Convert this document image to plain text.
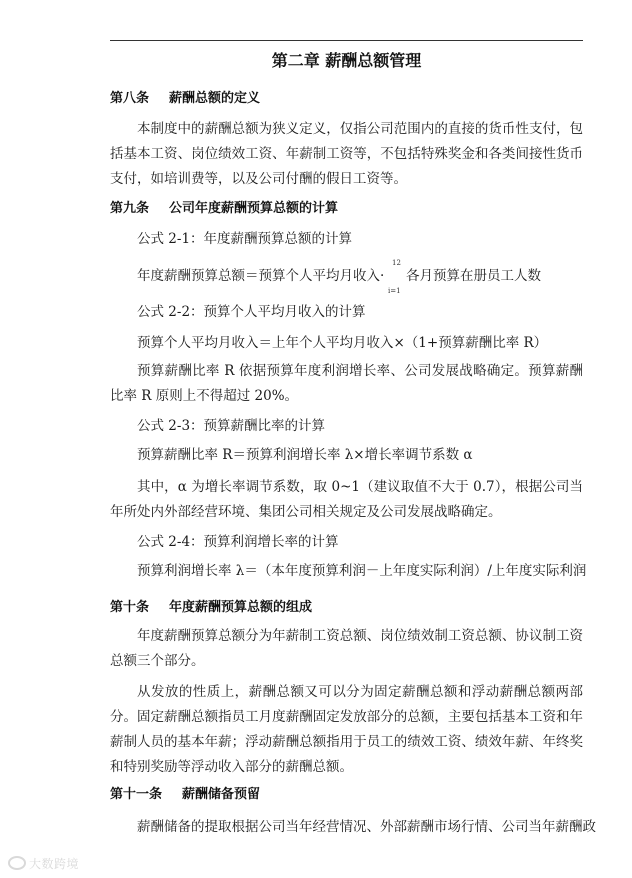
第二章 薪酬总额管理
第八条 薪酬总额的定义
本制度中的薪酬总额为狭义定义，仅指公司范围内的直接的货币性支付，包括基本工资、岗位绩效工资、年薪制工资等，不包括特殊奖金和各类间接性货币支付，如培训费等，以及公司付酬的假日工资等。
第九条 公司年度薪酬预算总额的计算
公式 2-1：年度薪酬预算总额的计算
年度薪酬预算总额＝预算个人平均月收入·
12
i=1
各月预算在册员工人数
公式 2-2：预算个人平均月收入的计算
预算个人平均月收入＝上年个人平均月收入×（1+预算薪酬比率 R）
预算薪酬比率 R 依据预算年度利润增长率、公司发展战略确定。预算薪酬比率 R 原则上不得超过 20%。
公式 2-3：预算薪酬比率的计算
预算薪酬比率 R＝预算利润增长率 λ×增长率调节系数 α
其中，α 为增长率调节系数，取 0~1（建议取值不大于 0.7），根据公司当年所处内外部经营环境、集团公司相关规定及公司发展战略确定。
公式 2-4：预算利润增长率的计算
预算利润增长率 λ＝（本年度预算利润－上年度实际利润）/上年度实际利润
第十条 年度薪酬预算总额的组成
年度薪酬预算总额分为年薪制工资总额、岗位绩效制工资总额、协议制工资总额三个部分。
从发放的性质上，薪酬总额又可以分为固定薪酬总额和浮动薪酬总额两部分。固定薪酬总额指员工月度薪酬固定发放部分的总额，主要包括基本工资和年薪制人员的基本年薪；浮动薪酬总额指用于员工的绩效工资、绩效年薪、年终奖和特别奖励等浮动收入部分的薪酬总额。
第十一条 薪酬储备预留
薪酬储备的提取根据公司当年经营情况、外部薪酬市场行情、公司当年薪酬政
大数跨境
